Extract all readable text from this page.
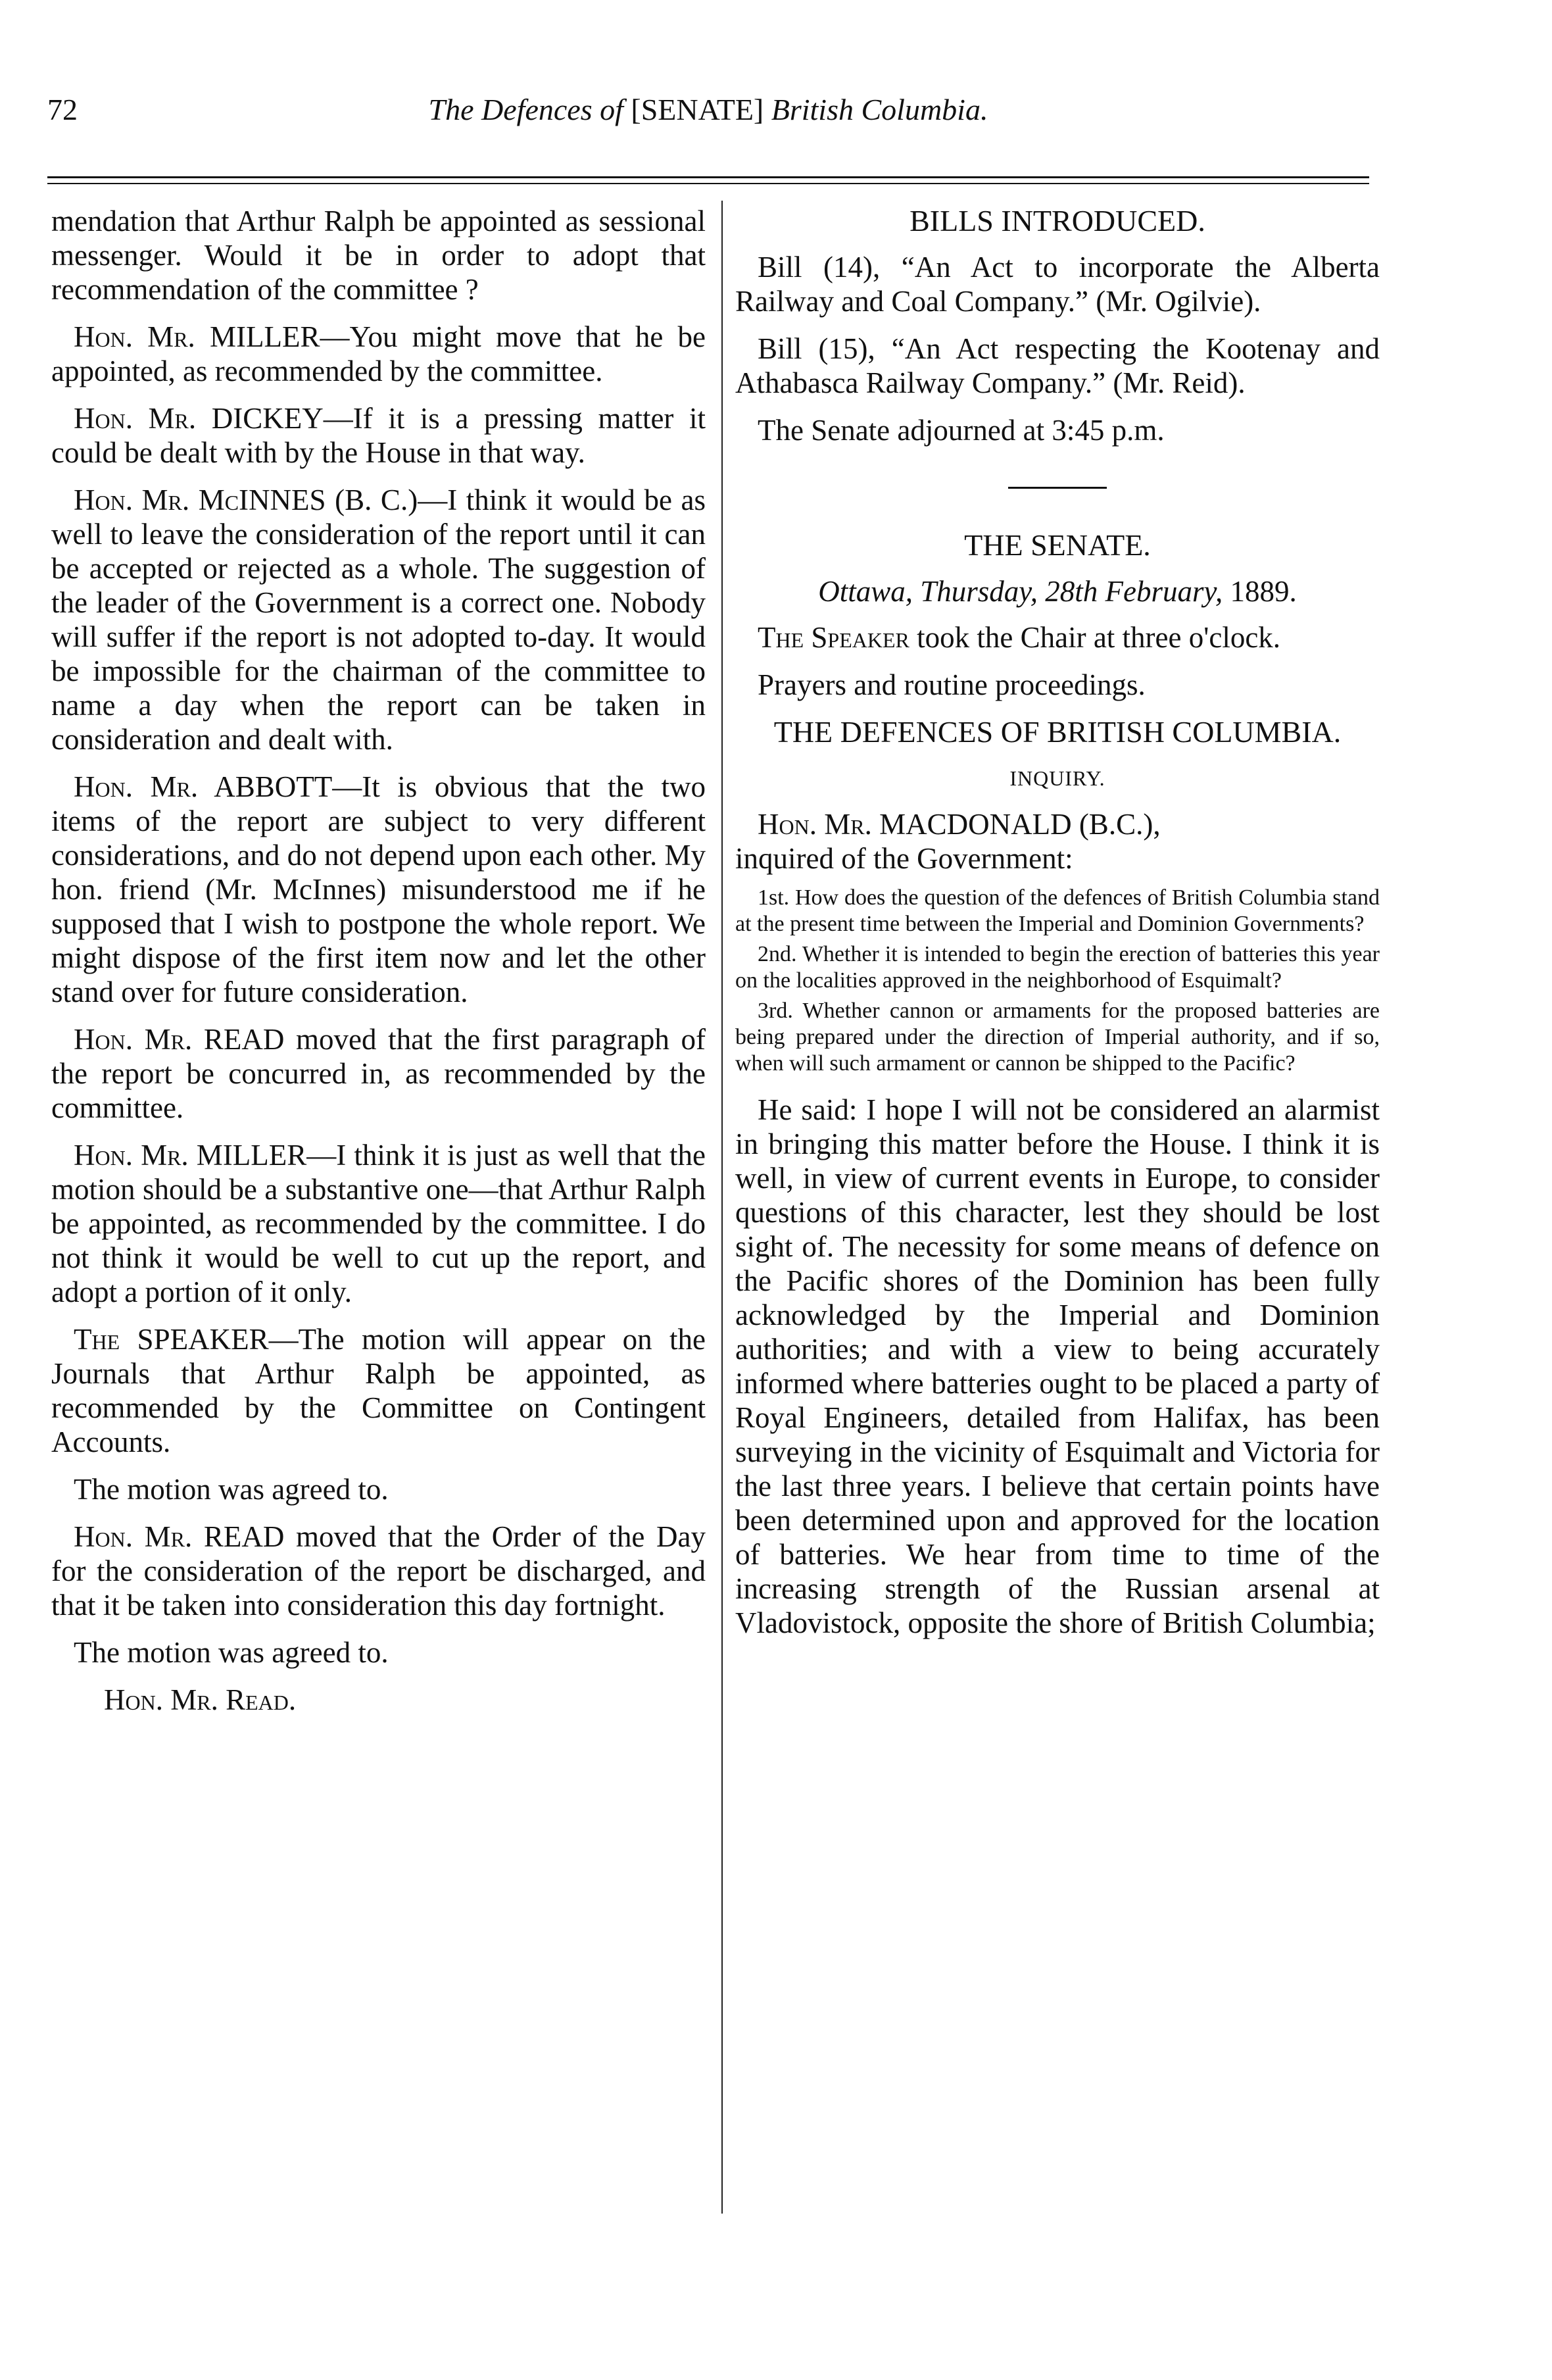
72	The Defences of [SENATE] British Columbia.

mendation that Arthur Ralph be appointed as sessional messenger. Would it be in order to adopt that recommendation of the committee ?

Hon. Mr. MILLER—You might move that he be appointed, as recommended by the committee.

Hon. Mr. DICKEY—If it is a pressing matter it could be dealt with by the House in that way.

Hon. Mr. McINNES (B. C.)—I think it would be as well to leave the consideration of the report until it can be accepted or rejected as a whole. The suggestion of the leader of the Government is a correct one. Nobody will suffer if the report is not adopted to-day. It would be impossible for the chairman of the committee to name a day when the report can be taken in consideration and dealt with.

Hon. Mr. ABBOTT—It is obvious that the two items of the report are subject to very different considerations, and do not depend upon each other. My hon. friend (Mr. McInnes) misunderstood me if he supposed that I wish to postpone the whole report. We might dispose of the first item now and let the other stand over for future consideration.

Hon. Mr. READ moved that the first paragraph of the report be concurred in, as recommended by the committee.

Hon. Mr. MILLER—I think it is just as well that the motion should be a substantive one—that Arthur Ralph be appointed, as recommended by the committee. I do not think it would be well to cut up the report, and adopt a portion of it only.

The SPEAKER—The motion will appear on the Journals that Arthur Ralph be appointed, as recommended by the Committee on Contingent Accounts.

The motion was agreed to.

Hon. Mr. READ moved that the Order of the Day for the consideration of the report be discharged, and that it be taken into consideration this day fortnight.

The motion was agreed to.

Hon. Mr. Read.

BILLS INTRODUCED.

Bill (14), “An Act to incorporate the Alberta Railway and Coal Company.” (Mr. Ogilvie).

Bill (15), “An Act respecting the Kootenay and Athabasca Railway Company.” (Mr. Reid).

The Senate adjourned at 3:45 p.m.

THE SENATE.
Ottawa, Thursday, 28th February, 1889.

The Speaker took the Chair at three o'clock.

Prayers and routine proceedings.

THE DEFENCES OF BRITISH COLUMBIA.
INQUIRY.

Hon. Mr. MACDONALD (B.C.),
inquired of the Government:

1st. How does the question of the defences of British Columbia stand at the present time between the Imperial and Dominion Governments?

2nd. Whether it is intended to begin the erection of batteries this year on the localities approved in the neighborhood of Esquimalt?

3rd. Whether cannon or armaments for the proposed batteries are being prepared under the direction of Imperial authority, and if so, when will such armament or cannon be shipped to the Pacific?

He said: I hope I will not be considered an alarmist in bringing this matter before the House. I think it is well, in view of current events in Europe, to consider questions of this character, lest they should be lost sight of. The necessity for some means of defence on the Pacific shores of the Dominion has been fully acknowledged by the Imperial and Dominion authorities; and with a view to being accurately informed where batteries ought to be placed a party of Royal Engineers, detailed from Halifax, has been surveying in the vicinity of Esquimalt and Victoria for the last three years. I believe that certain points have been determined upon and approved for the location of batteries. We hear from time to time of the increasing strength of the Russian arsenal at Vladovistock, opposite the shore of British Columbia;
